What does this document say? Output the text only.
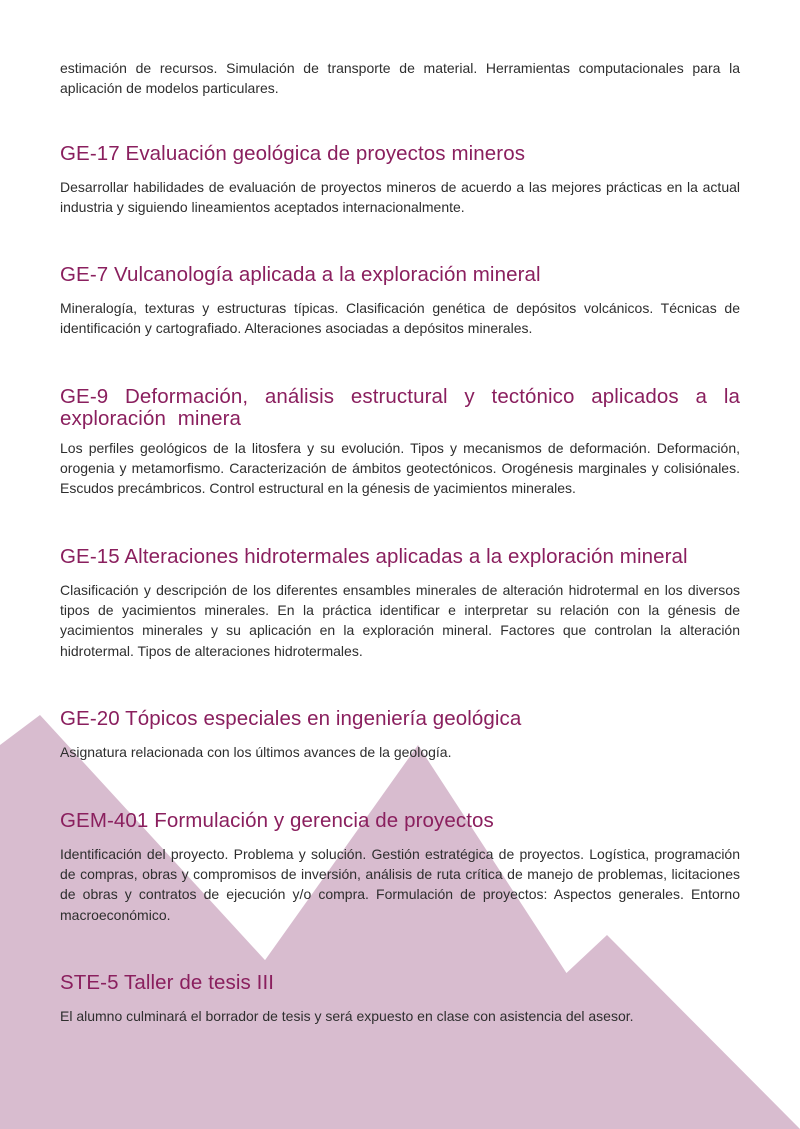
estimación de recursos. Simulación de transporte de material. Herramientas computacionales para la aplicación de modelos particulares.

GE-17 Evaluación geológica de proyectos mineros

Desarrollar habilidades de evaluación de proyectos mineros de acuerdo a las mejores prácticas en la actual industria y siguiendo lineamientos aceptados internacionalmente.

GE-7 Vulcanología aplicada a la exploración mineral

Mineralogía, texturas y estructuras típicas. Clasificación genética de depósitos volcánicos. Técnicas de identificación y cartografiado. Alteraciones asociadas a depósitos minerales.

GE-9 Deformación, análisis estructural y tectónico aplicados a la exploración minera

Los perfiles geológicos de la litosfera y su evolución. Tipos y mecanismos de deformación. Deformación, orogenia y metamorfismo. Caracterización de ámbitos geotectónicos. Orogénesis marginales y colisiónales. Escudos precámbricos. Control estructural en la génesis de yacimientos minerales.

GE-15 Alteraciones hidrotermales aplicadas a la exploración mineral

Clasificación y descripción de los diferentes ensambles minerales de alteración hidrotermal en los diversos tipos de yacimientos minerales. En la práctica identificar e interpretar su relación con la génesis de yacimientos minerales y su aplicación en la exploración mineral. Factores que controlan la alteración hidrotermal. Tipos de alteraciones hidrotermales.

GE-20 Tópicos especiales en ingeniería geológica

Asignatura relacionada con los últimos avances de la geología.

GEM-401 Formulación y gerencia de proyectos

Identificación del proyecto. Problema y solución. Gestión estratégica de proyectos. Logística, programación de compras, obras y compromisos de inversión, análisis de ruta crítica de manejo de problemas, licitaciones de obras y contratos de ejecución y/o compra. Formulación de proyectos: Aspectos generales. Entorno macroeconómico.

STE-5 Taller de tesis III

El alumno culminará el borrador de tesis y será expuesto en clase con asistencia del asesor.
